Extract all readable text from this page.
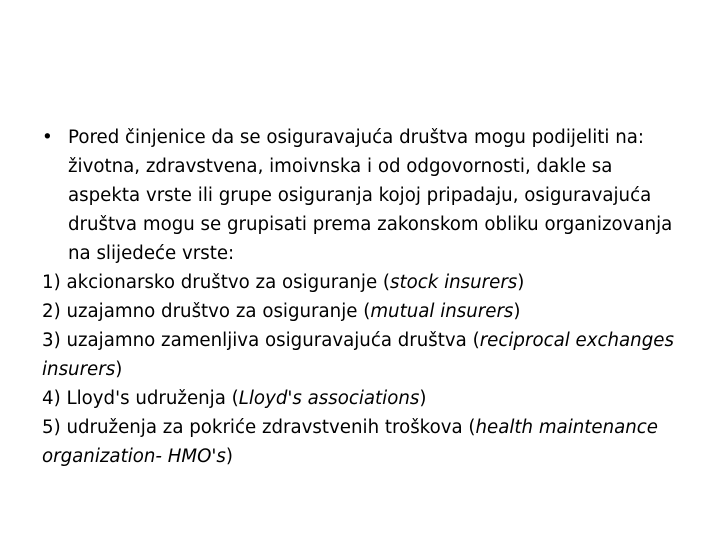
• Pored činjenice da se osiguravajuća društva mogu podijeliti na: životna, zdravstvena, imoivnska i od odgovornosti, dakle sa aspekta vrste ili grupe osiguranja kojoj pripadaju, osiguravajuća društva mogu se grupisati prema zakonskom obliku organizovanja na slijedeće vrste:

1) akcionarsko društvo za osiguranje (stock insurers)

2) uzajamno društvo za osiguranje (mutual insurers)

3) uzajamno zamenljiva osiguravajuća društva (reciprocal exchanges insurers)

4) Lloyd's udruženja (Lloyd's associations)

5) udruženja za pokriće zdravstvenih troškova (health maintenance organization- HMO's)
